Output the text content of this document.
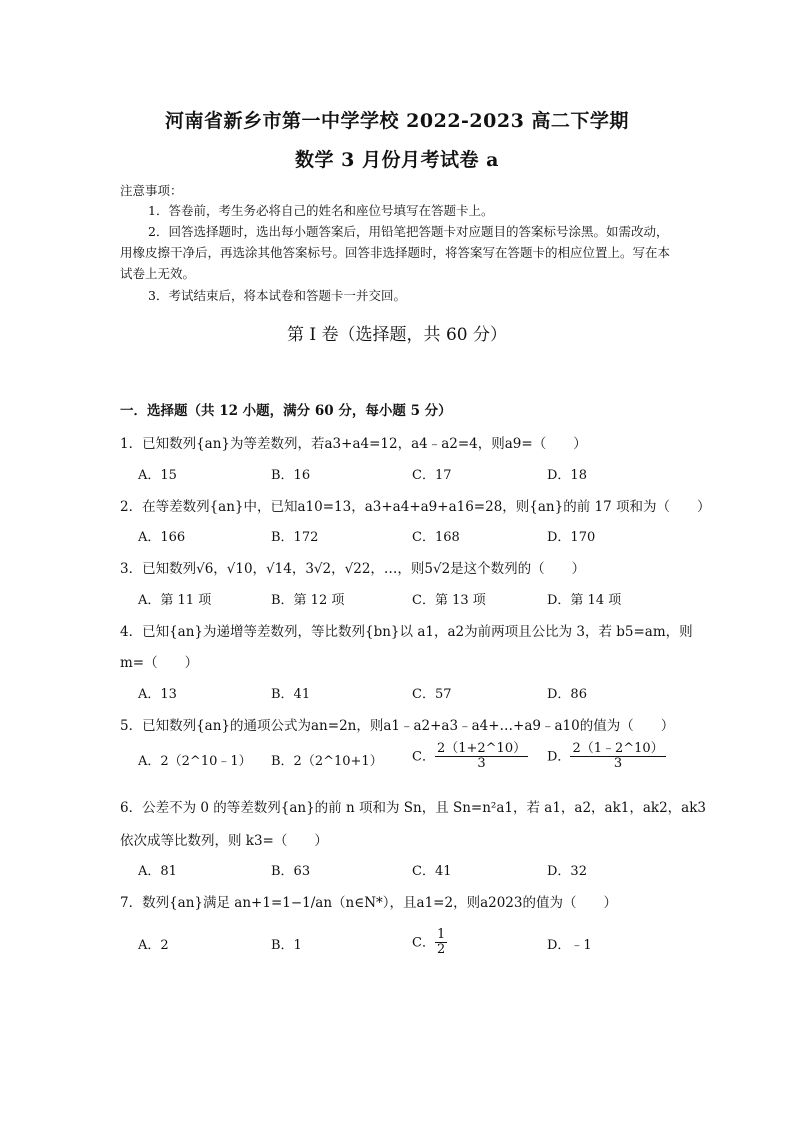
河南省新乡市第一中学学校 2022-2023 高二下学期
数学 3 月份月考试卷 a
注意事项：
1．答卷前，考生务必将自己的姓名和座位号填写在答题卡上。
2．回答选择题时，选出每小题答案后，用铅笔把答题卡对应题目的答案标号涂黑。如需改动，用橡皮擦干净后，再选涂其他答案标号。回答非选择题时，将答案写在答题卡的相应位置上。写在本试卷上无效。
3．考试结束后，将本试卷和答题卡一并交回。
第 I 卷（选择题，共 60 分）
一．选择题（共 12 小题，满分 60 分，每小题 5 分）
1．已知数列{an}为等差数列，若a3+a4=12，a4﹣a2=4，则a9=（　　）
A．15	B．16	C．17	D．18
2．在等差数列{an}中，已知a10=13，a3+a4+a9+a16=28，则{an}的前 17 项和为（　　）
A．166	B．172	C．168	D．170
3．已知数列√6，√10，√14，3√2，√22，…，则5√2是这个数列的（　　）
A．第 11 项	B．第 12 项	C．第 13 项	D．第 14 项
4．已知{an}为递增等差数列，等比数列{bn}以 a1，a2为前两项且公比为 3，若 b5=am，则
m=（　　）
A．13	B．41	C．57	D．86
5．已知数列{an}的通项公式为an=2n，则a1﹣a2+a3﹣a4+…+a9﹣a10的值为（　　）
A．2（2^10﹣1） B．2（2^10+1） C． $\frac{2(1+2\^{}10)}{3}$ D． $\frac{2(1﹣2\^{}10)}{3}$
6．公差不为 0 的等差数列{an}的前 n 项和为 Sn，且 Sn=n²a1，若 a1，a2，ak1，ak2，ak3
依次成等比数列，则 k3=（　　）
A．81	B．63	C．41	D．32
7．数列{an}满足 an+1=1−1/an（n∈N*），且a1=2，则a2023的值为（　　）
A．2	B．1	C． $\frac{1}{2}$	D．﹣1
